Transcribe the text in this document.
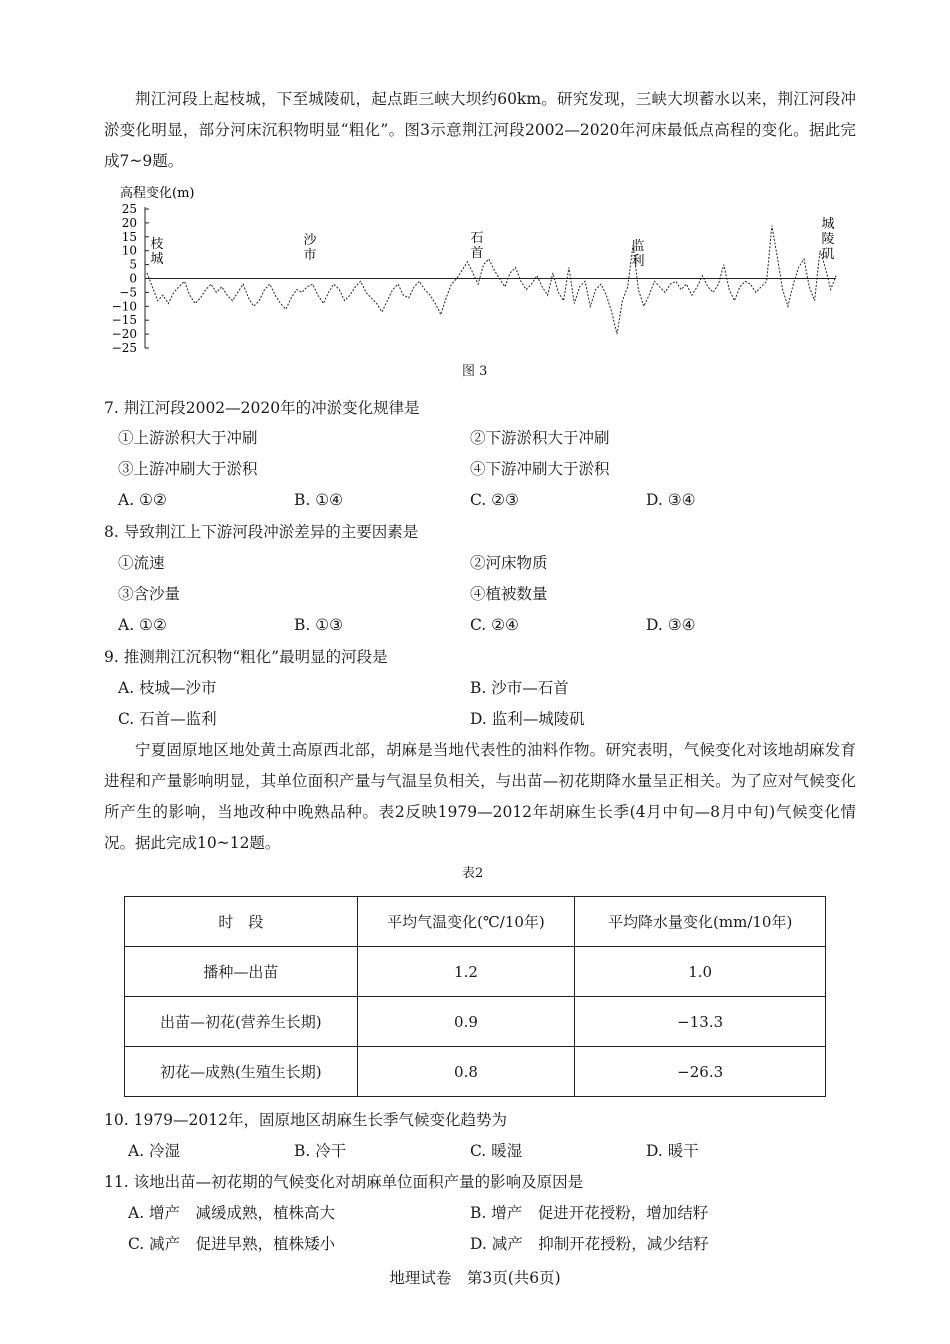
荆江河段上起枝城，下至城陵矶，起点距三峡大坝约60km。研究发现，三峡大坝蓄水以来，荆江河段冲淤变化明显，部分河床沉积物明显“粗化”。图3示意荆江河段2002—2020年河床最低点高程的变化。据此完成7~9题。

高程变化(m)
25
20
15
10
5
0
−5
−10
−15
−20
−25
枝
城
沙
市
石
首	监
利
城
陵
矶
图 3
7. 荆江河段2002—2020年的冲淤变化规律是
①上游淤积大于冲刷	②下游淤积大于冲刷
③上游冲刷大于淤积	④下游冲刷大于淤积
A. ①②	B. ①④	C. ②③	D. ③④
8. 导致荆江上下游河段冲淤差异的主要因素是
①流速	②河床物质
③含沙量	④植被数量
A. ①②	B. ①③	C. ②④	D. ③④
9. 推测荆江沉积物“粗化”最明显的河段是
A. 枝城—沙市	B. 沙市—石首
C. 石首—监利	D. 监利—城陵矶

宁夏固原地区地处黄土高原西北部，胡麻是当地代表性的油料作物。研究表明，气候变化对该地胡麻发育进程和产量影响明显，其单位面积产量与气温呈负相关，与出苗—初花期降水量呈正相关。为了应对气候变化所产生的影响，当地改种中晚熟品种。表2反映1979—2012年胡麻生长季(4月中旬—8月中旬)气候变化情况。据此完成10~12题。

表2
时　段	平均气温变化(℃/10年)	平均降水量变化(mm/10年)
播种—出苗	1.2	1.0
出苗—初花(营养生长期)	0.9	−13.3
初花—成熟(生殖生长期)	0.8	−26.3
10. 1979—2012年，固原地区胡麻生长季气候变化趋势为
A. 冷湿	B. 冷干	C. 暖湿	D. 暖干
11. 该地出苗—初花期的气候变化对胡麻单位面积产量的影响及原因是
A. 增产　减缓成熟，植株高大	B. 增产　促进开花授粉，增加结籽
C. 减产　促进早熟，植株矮小	D. 减产　抑制开花授粉，减少结籽
地理试卷　第3页(共6页)
